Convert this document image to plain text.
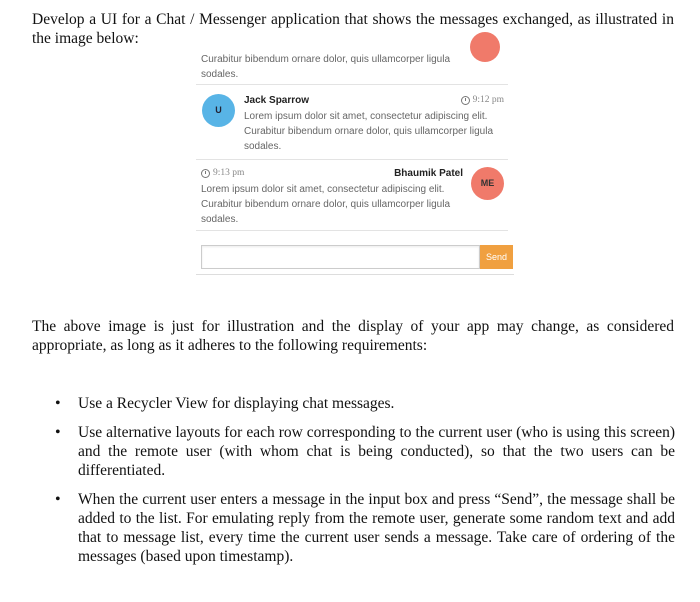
Develop a UI for a Chat / Messenger application that shows the messages exchanged, as illustrated in the image below:

Curabitur bibendum ornare dolor, quis ullamcorper ligula sodales.
U
Jack Sparrow	9:12 pm
Lorem ipsum dolor sit amet, consectetur adipiscing elit. Curabitur bibendum ornare dolor, quis ullamcorper ligula sodales.
9:13 pm	Bhaumik Patel
Lorem ipsum dolor sit amet, consectetur adipiscing elit. Curabitur bibendum ornare dolor, quis ullamcorper ligula sodales.
ME
Send

The above image is just for illustration and the display of your app may change, as considered appropriate, as long as it adheres to the following requirements:

• Use a Recycler View for displaying chat messages.
• Use alternative layouts for each row corresponding to the current user (who is using this screen) and the remote user (with whom chat is being conducted), so that the two users can be differentiated.
• When the current user enters a message in the input box and press “Send”, the message shall be added to the list. For emulating reply from the remote user, generate some random text and add that to message list, every time the current user sends a message. Take care of ordering of the messages (based upon timestamp).
